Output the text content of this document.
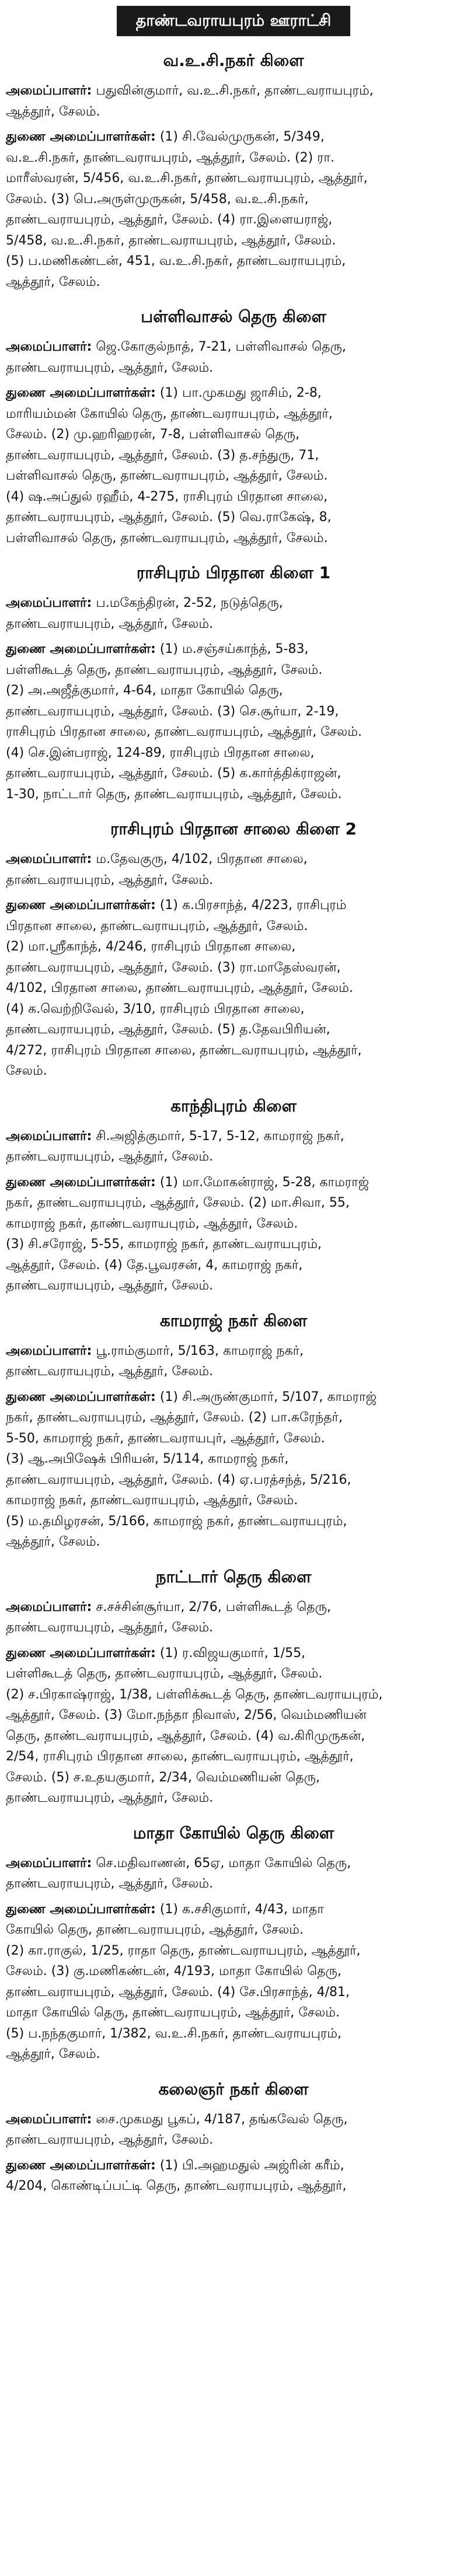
தாண்டவராயபுரம் ஊராட்சி
வ.உ.சி.நகர் கிளை

அமைப்பாளர்: பதுவின்குமார், வ.உ.சி.நகர், தாண்டவராயபுரம்,

ஆத்தூர், சேலம்.

துணை அமைப்பாளர்கள்: (1) சி.வேல்முருகன், 5/349,

வ.உ.சி.நகர், தாண்டவராயபுரம், ஆத்தூர், சேலம். (2) ரா.

மாரீஸ்வரன், 5/456, வ.உ.சி.நகர், தாண்டவராயபுரம், ஆத்தூர்,

சேலம். (3) பெ.அருள்முருகன், 5/458, வ.உ.சி.நகர்,

தாண்டவராயபுரம், ஆத்தூர், சேலம். (4) ரா.இளையராஜ்,

5/458, வ.உ.சி.நகர், தாண்டவராயபுரம், ஆத்தூர், சேலம்.

(5) ப.மணிகண்டன், 451, வ.உ.சி.நகர், தாண்டவராயபுரம்,

ஆத்தூர், சேலம்.

பள்ளிவாசல் தெரு கிளை

அமைப்பாளர்: ஜெ.கோகுல்நாத், 7-21, பள்ளிவாசல் தெரு,

தாண்டவராயபுரம், ஆத்தூர், சேலம்.

துணை அமைப்பாளர்கள்: (1) பா.முகமது ஜாசிம், 2-8,

மாரியம்மன் கோயில் தெரு, தாண்டவராயபுரம், ஆத்தூர்,

சேலம். (2) மு.ஹரிஹரன், 7-8, பள்ளிவாசல் தெரு,

தாண்டவராயபுரம், ஆத்தூர், சேலம். (3) த.சந்துரு, 71,

பள்ளிவாசல் தெரு, தாண்டவராயபுரம், ஆத்தூர், சேலம்.

(4) ஷ.அப்துல் ரஹீம், 4-275, ராசிபுரம் பிரதான சாலை,

தாண்டவராயபுரம், ஆத்தூர், சேலம். (5) வெ.ராகேஷ், 8,

பள்ளிவாசல் தெரு, தாண்டவராயபுரம், ஆத்தூர், சேலம்.

ராசிபுரம் பிரதான கிளை 1

அமைப்பாளர்: ப.மகேந்திரன், 2-52, நடுத்தெரு,

தாண்டவராயபுரம், ஆத்தூர், சேலம்.

துணை அமைப்பாளர்கள்: (1) ம.சஞ்சய்காந்த், 5-83,

பள்ளிகூடத் தெரு, தாண்டவராயபுரம், ஆத்தூர், சேலம்.

(2) அ.அஜீத்குமார், 4-64, மாதா கோயில் தெரு,

தாண்டவராயபுரம், ஆத்தூர், சேலம். (3) செ.சூர்யா, 2-19,

ராசிபுரம் பிரதான சாலை, தாண்டவராயபுரம், ஆத்தூர், சேலம்.

(4) செ.இன்பராஜ், 124-89, ராசிபுரம் பிரதான சாலை,

தாண்டவராயபுரம், ஆத்தூர், சேலம். (5) க.கார்த்திக்ராஜன்,

1-30, நாட்டார் தெரு, தாண்டவராயபுரம், ஆத்தூர், சேலம்.

ராசிபுரம் பிரதான சாலை கிளை 2

அமைப்பாளர்: ம.தேவகுரு, 4/102, பிரதான சாலை,

தாண்டவராயபுரம், ஆத்தூர், சேலம்.

துணை அமைப்பாளர்கள்: (1) க.பிரசாந்த், 4/223, ராசிபுரம்

பிரதான சாலை, தாண்டவராயபுரம், ஆத்தூர், சேலம்.

(2) மா.ஸ்ரீகாந்த், 4/246, ராசிபுரம் பிரதான சாலை,

தாண்டவராயபுரம், ஆத்தூர், சேலம். (3) ரா.மாதேஸ்வரன்,

4/102, பிரதான சாலை, தாண்டவராயபுரம், ஆத்தூர், சேலம்.

(4) க.வெற்றிவேல், 3/10, ராசிபுரம் பிரதான சாலை,

தாண்டவராயபுரம், ஆத்தூர், சேலம். (5) த.தேவபிரியன்,

4/272, ராசிபுரம் பிரதான சாலை, தாண்டவராயபுரம், ஆத்தூர்,

சேலம்.

காந்திபுரம் கிளை

அமைப்பாளர்: சி.அஜித்குமார், 5-17, 5-12, காமராஜ் நகர்,

தாண்டவராயபுரம், ஆத்தூர், சேலம்.

துணை அமைப்பாளர்கள்: (1) மா.மோகன்ராஜ், 5-28, காமராஜ்

நகர், தாண்டவராயபுரம், ஆத்தூர், சேலம். (2) மா.சிவா, 55,

காமராஜ் நகர், தாண்டவராயபுரம், ஆத்தூர், சேலம்.

(3) சி.சரோஜ், 5-55, காமராஜ் நகர், தாண்டவராயபுரம்,

ஆத்தூர், சேலம். (4) தே.பூவரசன், 4, காமராஜ் நகர்,

தாண்டவராயபுரம், ஆத்தூர், சேலம்.

காமராஜ் நகர் கிளை

அமைப்பாளர்: பூ.ராம்குமார், 5/163, காமராஜ் நகர்,

தாண்டவராயபுரம், ஆத்தூர், சேலம்.

துணை அமைப்பாளர்கள்: (1) சி.அருண்குமார், 5/107, காமராஜ்

நகர், தாண்டவராயபுரம், ஆத்தூர், சேலம். (2) பா.சுரேந்தர்,

5-50, காமராஜ் நகர், தாண்டவராயபுர், ஆத்தூர், சேலம்.

(3) ஆ.அபிஷேக் பிரியன், 5/114, காமராஜ் நகர்,

தாண்டவராயபுரம், ஆத்தூர், சேலம். (4) ஏ.பரத்சந்த், 5/216,

காமராஜ் நகர், தாண்டவராயபுரம், ஆத்தூர், சேலம்.

(5) ம.தமிழரசன், 5/166, காமராஜ் நகர், தாண்டவராயபுரம்,

ஆத்தூர், சேலம்.

நாட்டார் தெரு கிளை

அமைப்பாளர்: ச.சச்சின்சூர்யா, 2/76, பள்ளிகூடத் தெரு,

தாண்டவராயபுரம், ஆத்தூர், சேலம்.

துணை அமைப்பாளர்கள்: (1) ர.விஜயகுமார், 1/55,

பள்ளிகூடத் தெரு, தாண்டவராயபுரம், ஆத்தூர், சேலம்.

(2) ச.பிரகாஷ்ராஜ், 1/38, பள்ளிக்கூடத் தெரு, தாண்டவராயபுரம்,

ஆத்தூர், சேலம். (3) மோ.நந்தா நிவாஸ், 2/56, வெம்மணியன்

தெரு, தாண்டவராயபுரம், ஆத்தூர், சேலம். (4) வ.கிரிமுருகன்,

2/54, ராசிபுரம் பிரதான சாலை, தாண்டவராயபுரம், ஆத்தூர்,

சேலம். (5) ச.உதயகுமார், 2/34, வெம்மணியன் தெரு,

தாண்டவராயபுரம், ஆத்தூர், சேலம்.

மாதா கோயில் தெரு கிளை

அமைப்பாளர்: செ.மதிவாணன், 65ஏ, மாதா கோயில் தெரு,

தாண்டவராயபுரம், ஆத்தூர், சேலம்.

துணை அமைப்பாளர்கள்: (1) க.சசிகுமார், 4/43, மாதா

கோயில் தெரு, தாண்டவராயபுரம், ஆத்தூர், சேலம்.

(2) கா.ராகுல், 1/25, ராதா தெரு, தாண்டவராயபுரம், ஆத்தூர்,

சேலம். (3) கு.மணிகண்டன், 4/193, மாதா கோயில் தெரு,

தாண்டவராயபுரம், ஆத்தூர், சேலம். (4) சே.பிரசாந்த், 4/81,

மாதா கோயில் தெரு, தாண்டவராயபுரம், ஆத்தூர், சேலம்.

(5) ப.நந்தகுமார், 1/382, வ.உ.சி.நகர், தாண்டவராயபுரம்,

ஆத்தூர், சேலம்.

கலைஞர் நகர் கிளை

அமைப்பாளர்: சை.முகமது பூகப், 4/187, தங்கவேல் தெரு,

தாண்டவராயபுரம், ஆத்தூர், சேலம்.

துணை அமைப்பாளர்கள்: (1) பி.அஹமதுல் அஜ்ரின் கரீம்,

4/204, கொண்டிப்பட்டி தெரு, தாண்டவராயபுரம், ஆத்தூர்,
